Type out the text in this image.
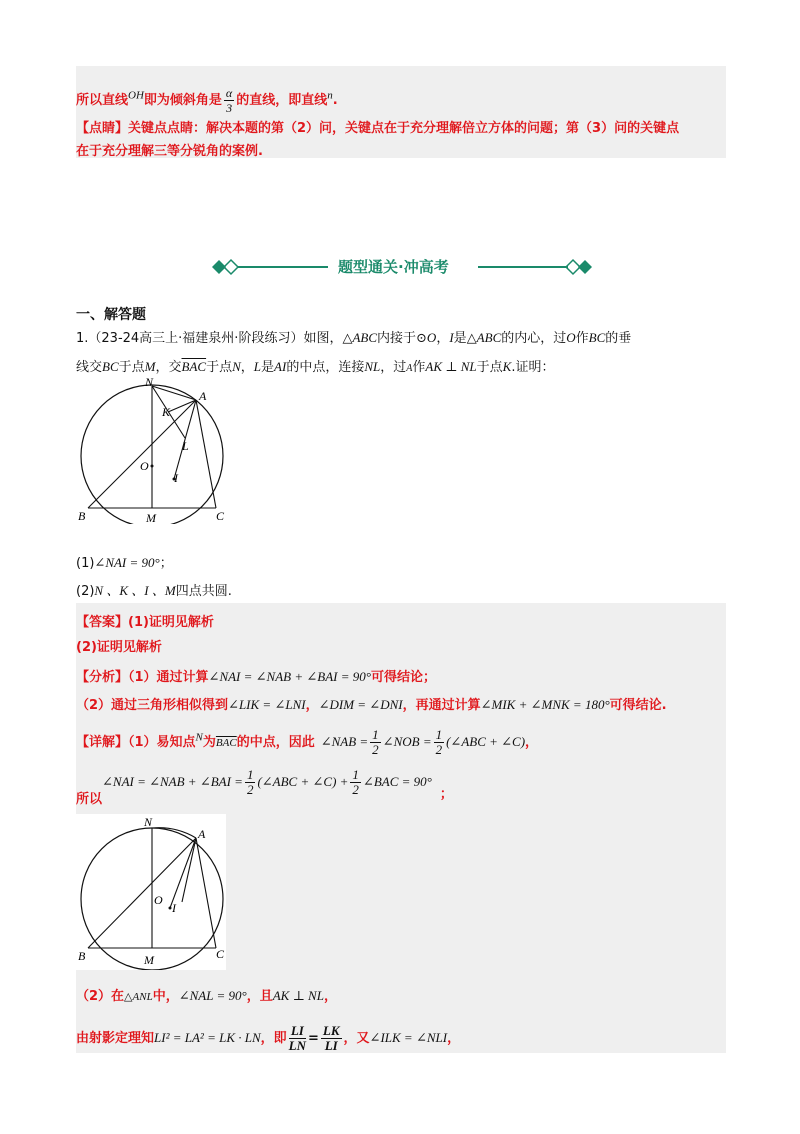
所以直线$^{OH}$即为倾斜角是 $\frac{\alpha}{3}$ 的直线，即直线$^n$.
【点睛】关键点点睛：解决本题的第（2）问，关键点在于充分理解倍立方体的问题；第（3）问的关键点
在于充分理解三等分锐角的案例.
题型通关·冲高考
一、解答题
1.（23-24高三上·福建泉州·阶段练习）如图，△ABC内接于⊙O，I是△ABC的内心，过O作BC的垂
线交BC于点M，交$\overline{BAC}$于点N，L是AI的中点，连接NL，过A作AK ⊥ NL于点K.证明：
N
A
K
L
O
I
B	M	C
(1)∠NAI = 90°；
(2)N 、K 、I 、M四点共圆.
【答案】(1)证明见解析
(2)证明见解析
【分析】（1）通过计算∠NAI = ∠NAB + ∠BAI = 90°可得结论；
（2）通过三角形相似得到∠LIK = ∠LNI，∠DIM = ∠DNI，再通过计算∠MIK + ∠MNK = 180°可得结论.
【详解】（1）易知点$^N$为$\overline{BAC}$的中点，因此 ∠NAB = $\frac{1}{2}$ ∠NOB = $\frac{1}{2}$ (∠ABC + ∠C)，
所以
∠NAI = ∠NAB + ∠BAI = $\frac{1}{2}$ (∠ABC + ∠C) + $\frac{1}{2}$ ∠BAC = 90°；
N
A
O
I
B	M	C
（2）在△ANL中，∠NAL = 90°，且AK ⊥ NL，
由射影定理知LI² = LA² = LK · LN，即 $\frac{LI}{LN} = \frac{LK}{LI}$ ，又∠ILK = ∠NLI，
